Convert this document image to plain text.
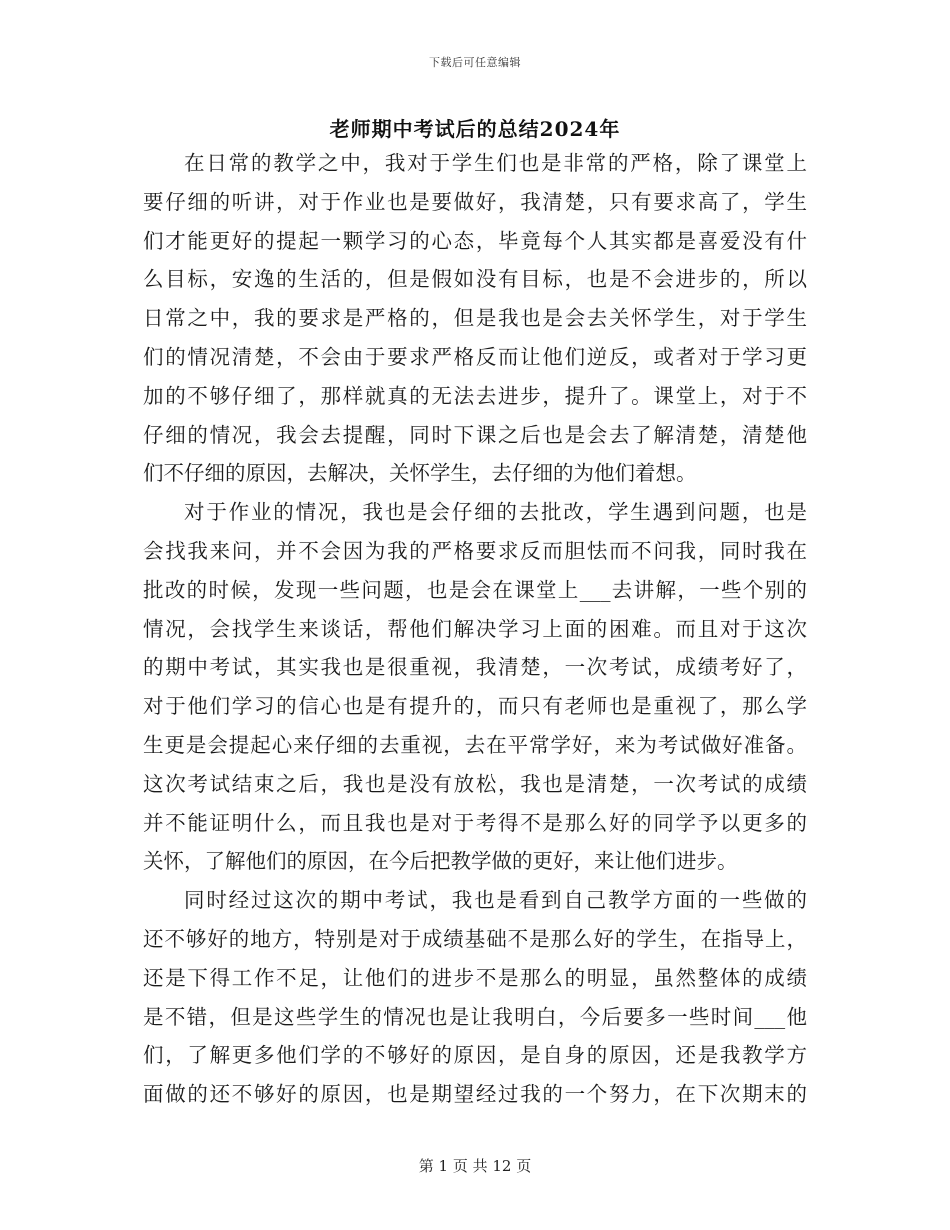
下载后可任意编辑
老师期中考试后的总结2024年
在日常的教学之中，我对于学生们也是非常的严格，除了课堂上
要仔细的听讲，对于作业也是要做好，我清楚，只有要求高了，学生
们才能更好的提起一颗学习的心态，毕竟每个人其实都是喜爱没有什
么目标，安逸的生活的，但是假如没有目标，也是不会进步的，所以
日常之中，我的要求是严格的，但是我也是会去关怀学生，对于学生
们的情况清楚，不会由于要求严格反而让他们逆反，或者对于学习更
加的不够仔细了，那样就真的无法去进步，提升了。课堂上，对于不
仔细的情况，我会去提醒，同时下课之后也是会去了解清楚，清楚他
们不仔细的原因，去解决，关怀学生，去仔细的为他们着想。
对于作业的情况，我也是会仔细的去批改，学生遇到问题，也是
会找我来问，并不会因为我的严格要求反而胆怯而不问我，同时我在
批改的时候，发现一些问题，也是会在课堂上___去讲解，一些个别的
情况，会找学生来谈话，帮他们解决学习上面的困难。而且对于这次
的期中考试，其实我也是很重视，我清楚，一次考试，成绩考好了，
对于他们学习的信心也是有提升的，而只有老师也是重视了，那么学
生更是会提起心来仔细的去重视，去在平常学好，来为考试做好准备。
这次考试结束之后，我也是没有放松，我也是清楚，一次考试的成绩
并不能证明什么，而且我也是对于考得不是那么好的同学予以更多的
关怀，了解他们的原因，在今后把教学做的更好，来让他们进步。
同时经过这次的期中考试，我也是看到自己教学方面的一些做的
还不够好的地方，特别是对于成绩基础不是那么好的学生，在指导上，
还是下得工作不足，让他们的进步不是那么的明显，虽然整体的成绩
是不错，但是这些学生的情况也是让我明白，今后要多一些时间___他
们，了解更多他们学的不够好的原因，是自身的原因，还是我教学方
面做的还不够好的原因，也是期望经过我的一个努力，在下次期末的
第 1 页 共 12 页
